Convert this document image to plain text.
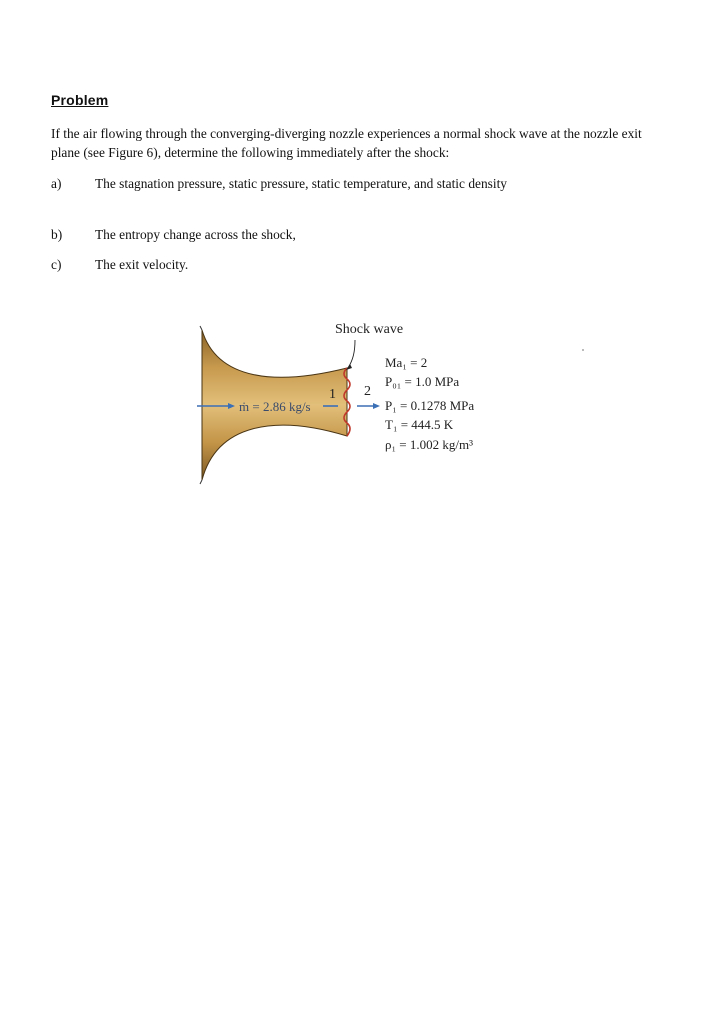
Problem
If the air flowing through the converging-diverging nozzle experiences a normal shock wave at the nozzle exit plane (see Figure 6), determine the following immediately after the shock:
a)	The stagnation pressure, static pressure, static temperature, and static density
b)	The entropy change across the shock,
c)	The exit velocity.
Shock wave
1 2
ṁ = 2.86 kg/s
Ma₁ = 2
P₀₁ = 1.0 MPa
P₁ = 0.1278 MPa
T₁ = 444.5 K
ρ₁ = 1.002 kg/m³
